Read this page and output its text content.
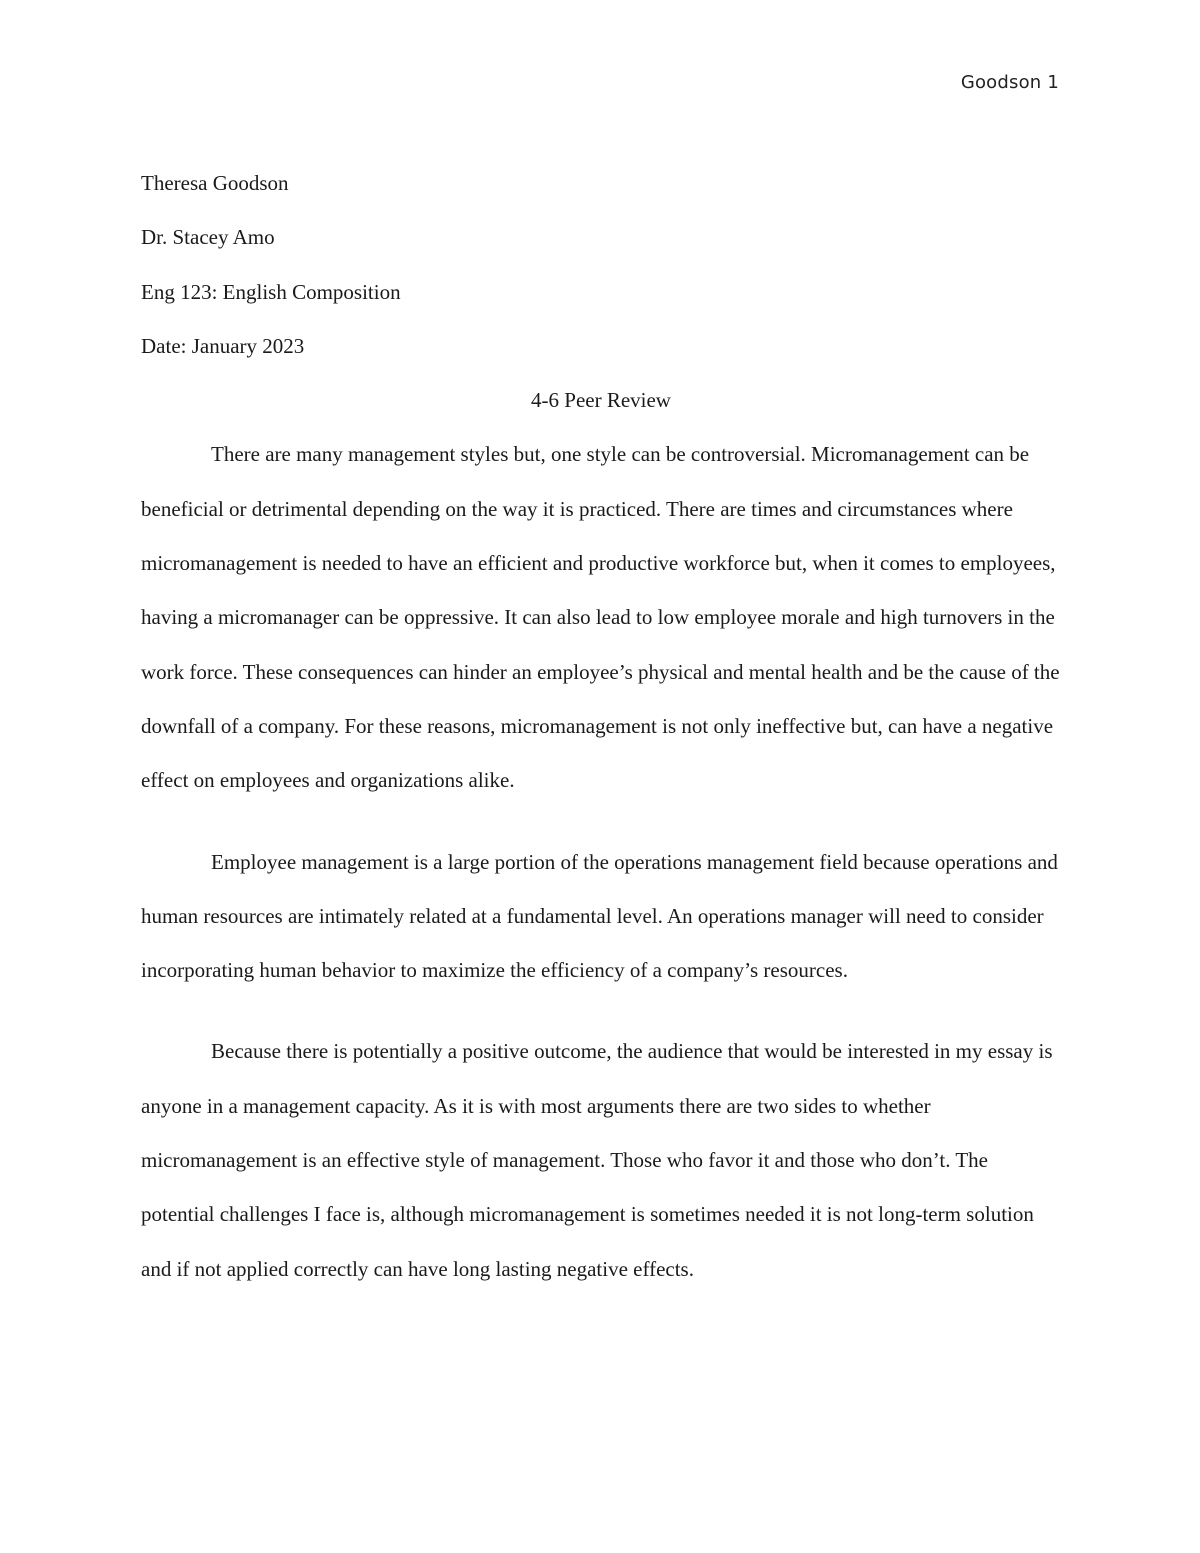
Goodson 1

Theresa Goodson

Dr. Stacey Amo

Eng 123: English Composition

Date: January 2023

4-6 Peer Review

There are many management styles but, one style can be controversial. Micromanagement can be beneficial or detrimental depending on the way it is practiced. There are times and circumstances where micromanagement is needed to have an efficient and productive workforce but, when it comes to employees, having a micromanager can be oppressive. It can also lead to low employee morale and high turnovers in the work force. These consequences can hinder an employee’s physical and mental health and be the cause of the downfall of a company. For these reasons, micromanagement is not only ineffective but, can have a negative effect on employees and organizations alike.

Employee management is a large portion of the operations management field because operations and human resources are intimately related at a fundamental level. An operations manager will need to consider incorporating human behavior to maximize the efficiency of a company’s resources.

Because there is potentially a positive outcome, the audience that would be interested in my essay is anyone in a management capacity. As it is with most arguments there are two sides to whether micromanagement is an effective style of management. Those who favor it and those who don’t. The potential challenges I face is, although micromanagement is sometimes needed it is not long-term solution and if not applied correctly can have long lasting negative effects.
